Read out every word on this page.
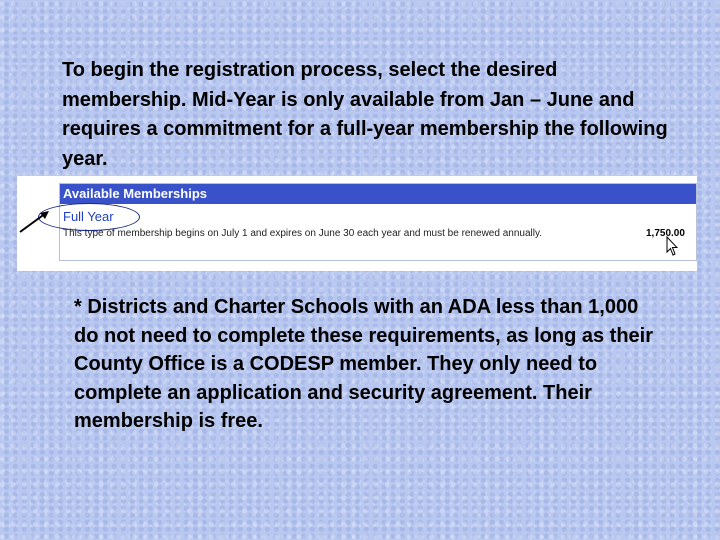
To begin the registration process, select the desired membership. Mid-Year is only available from Jan – June and requires a commitment for a full-year membership the following year.

Available Memberships
Full Year
This type of membership begins on July 1 and expires on June 30 each year and must be renewed annually.	1,750.00

* Districts and Charter Schools with an ADA less than 1,000 do not need to complete these requirements, as long as their County Office is a CODESP member. They only need to complete an application and security agreement. Their membership is free.
